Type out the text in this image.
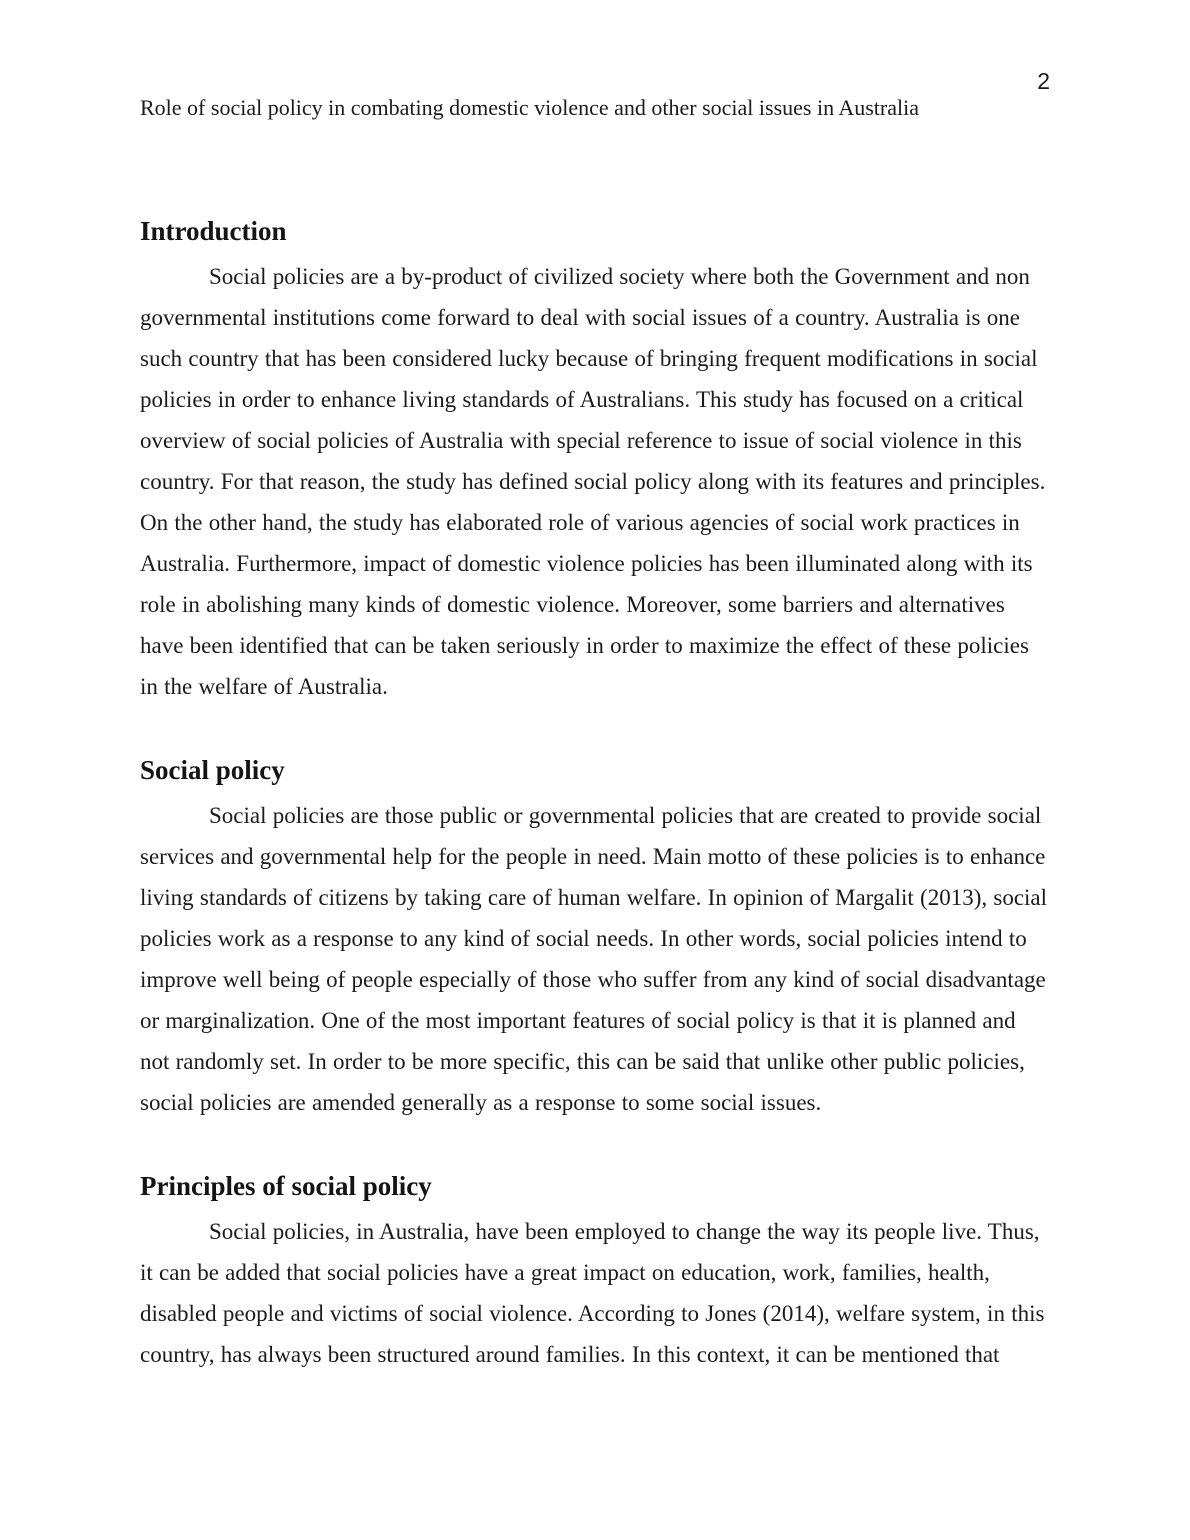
2
Role of social policy in combating domestic violence and other social issues in Australia
Introduction

Social policies are a by-product of civilized society where both the Government and non governmental institutions come forward to deal with social issues of a country. Australia is one such country that has been considered lucky because of bringing frequent modifications in social policies in order to enhance living standards of Australians. This study has focused on a critical overview of social policies of Australia with special reference to issue of social violence in this country. For that reason, the study has defined social policy along with its features and principles. On the other hand, the study has elaborated role of various agencies of social work practices in Australia. Furthermore, impact of domestic violence policies has been illuminated along with its role in abolishing many kinds of domestic violence. Moreover, some barriers and alternatives have been identified that can be taken seriously in order to maximize the effect of these policies in the welfare of Australia.

Social policy

Social policies are those public or governmental policies that are created to provide social services and governmental help for the people in need. Main motto of these policies is to enhance living standards of citizens by taking care of human welfare. In opinion of Margalit (2013), social policies work as a response to any kind of social needs. In other words, social policies intend to improve well being of people especially of those who suffer from any kind of social disadvantage or marginalization. One of the most important features of social policy is that it is planned and not randomly set. In order to be more specific, this can be said that unlike other public policies, social policies are amended generally as a response to some social issues.

Principles of social policy

Social policies, in Australia, have been employed to change the way its people live. Thus, it can be added that social policies have a great impact on education, work, families, health, disabled people and victims of social violence. According to Jones (2014), welfare system, in this country, has always been structured around families. In this context, it can be mentioned that
